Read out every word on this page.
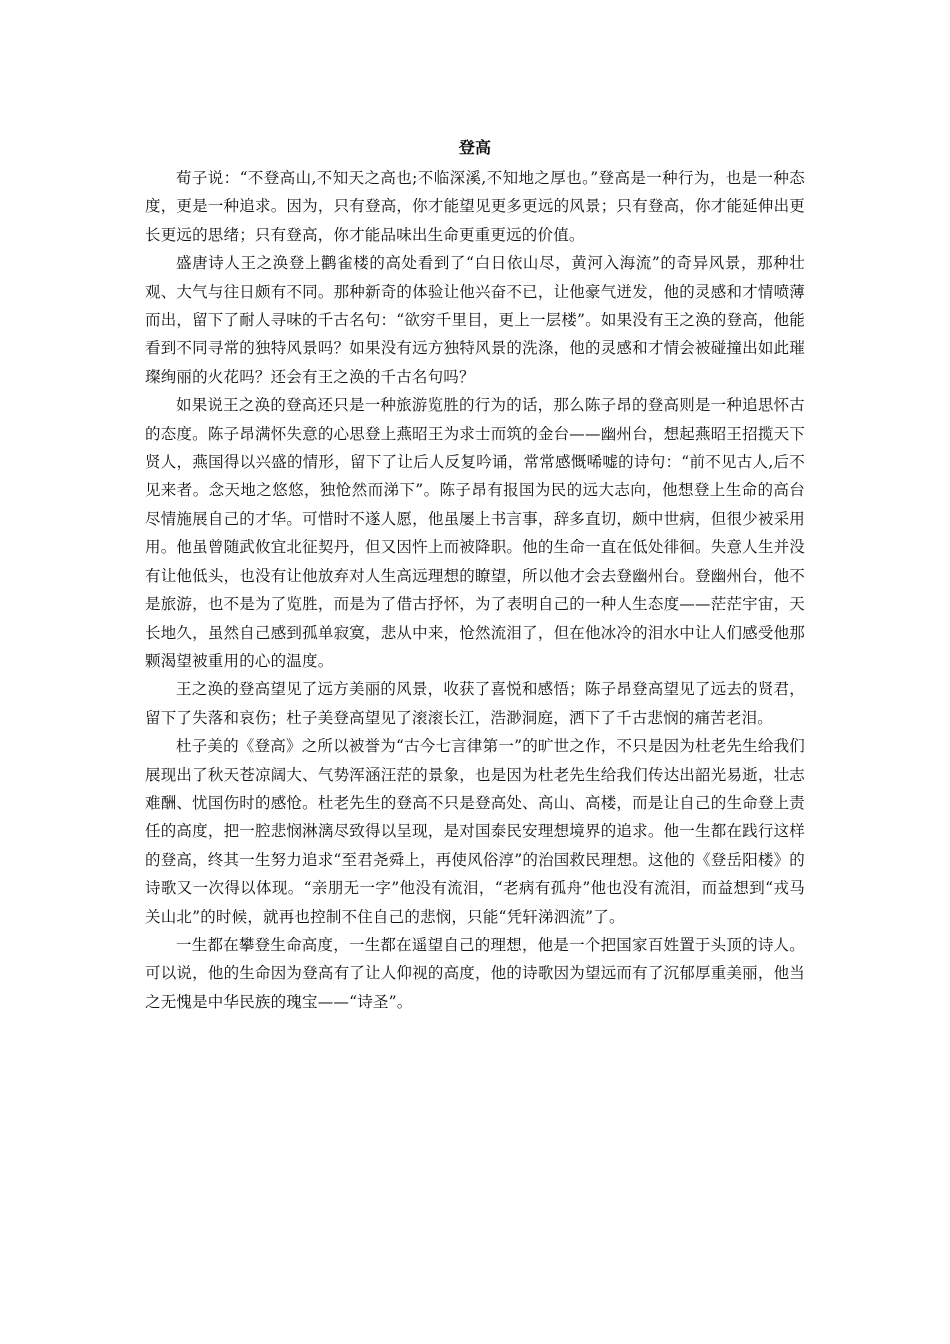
登高

荀子说：“不登高山,不知天之高也;不临深溪,不知地之厚也。”登高是一种行为，也是一种态度，更是一种追求。因为，只有登高，你才能望见更多更远的风景；只有登高，你才能延伸出更长更远的思绪；只有登高，你才能品味出生命更重更远的价值。

盛唐诗人王之涣登上鹳雀楼的高处看到了“白日依山尽，黄河入海流”的奇异风景，那种壮观、大气与往日颇有不同。那种新奇的体验让他兴奋不已，让他豪气迸发，他的灵感和才情喷薄而出，留下了耐人寻味的千古名句：“欲穷千里目，更上一层楼”。如果没有王之涣的登高，他能看到不同寻常的独特风景吗？如果没有远方独特风景的洗涤，他的灵感和才情会被碰撞出如此璀璨绚丽的火花吗？还会有王之涣的千古名句吗？

如果说王之涣的登高还只是一种旅游览胜的行为的话，那么陈子昂的登高则是一种追思怀古的态度。陈子昂满怀失意的心思登上燕昭王为求士而筑的金台——幽州台，想起燕昭王招揽天下贤人，燕国得以兴盛的情形，留下了让后人反复吟诵，常常感慨唏嘘的诗句：“前不见古人,后不见来者。念天地之悠悠，独怆然而涕下”。陈子昂有报国为民的远大志向，他想登上生命的高台尽情施展自己的才华。可惜时不遂人愿，他虽屡上书言事，辞多直切，颇中世病，但很少被采用用。他虽曾随武攸宜北征契丹，但又因忤上而被降职。他的生命一直在低处徘徊。失意人生并没有让他低头，也没有让他放弃对人生高远理想的瞭望，所以他才会去登幽州台。登幽州台，他不是旅游，也不是为了览胜，而是为了借古抒怀，为了表明自己的一种人生态度——茫茫宇宙，天长地久，虽然自己感到孤单寂寞，悲从中来，怆然流泪了，但在他冰冷的泪水中让人们感受他那颗渴望被重用的心的温度。

王之涣的登高望见了远方美丽的风景，收获了喜悦和感悟；陈子昂登高望见了远去的贤君，留下了失落和哀伤；杜子美登高望见了滚滚长江，浩渺洞庭，洒下了千古悲悯的痛苦老泪。

杜子美的《登高》之所以被誉为“古今七言律第一”的旷世之作，不只是因为杜老先生给我们展现出了秋天苍凉阔大、气势浑涵汪茫的景象，也是因为杜老先生给我们传达出韶光易逝，壮志难酬、忧国伤时的感怆。杜老先生的登高不只是登高处、高山、高楼，而是让自己的生命登上责任的高度，把一腔悲悯淋漓尽致得以呈现，是对国泰民安理想境界的追求。他一生都在践行这样的登高，终其一生努力追求“至君尧舜上，再使风俗淳”的治国救民理想。这他的《登岳阳楼》的诗歌又一次得以体现。“亲朋无一字”他没有流泪，“老病有孤舟”他也没有流泪，而益想到“戎马关山北”的时候，就再也控制不住自己的悲悯，只能“凭轩涕泗流”了。

一生都在攀登生命高度，一生都在遥望自己的理想，他是一个把国家百姓置于头顶的诗人。可以说，他的生命因为登高有了让人仰视的高度，他的诗歌因为望远而有了沉郁厚重美丽，他当之无愧是中华民族的瑰宝——“诗圣”。
